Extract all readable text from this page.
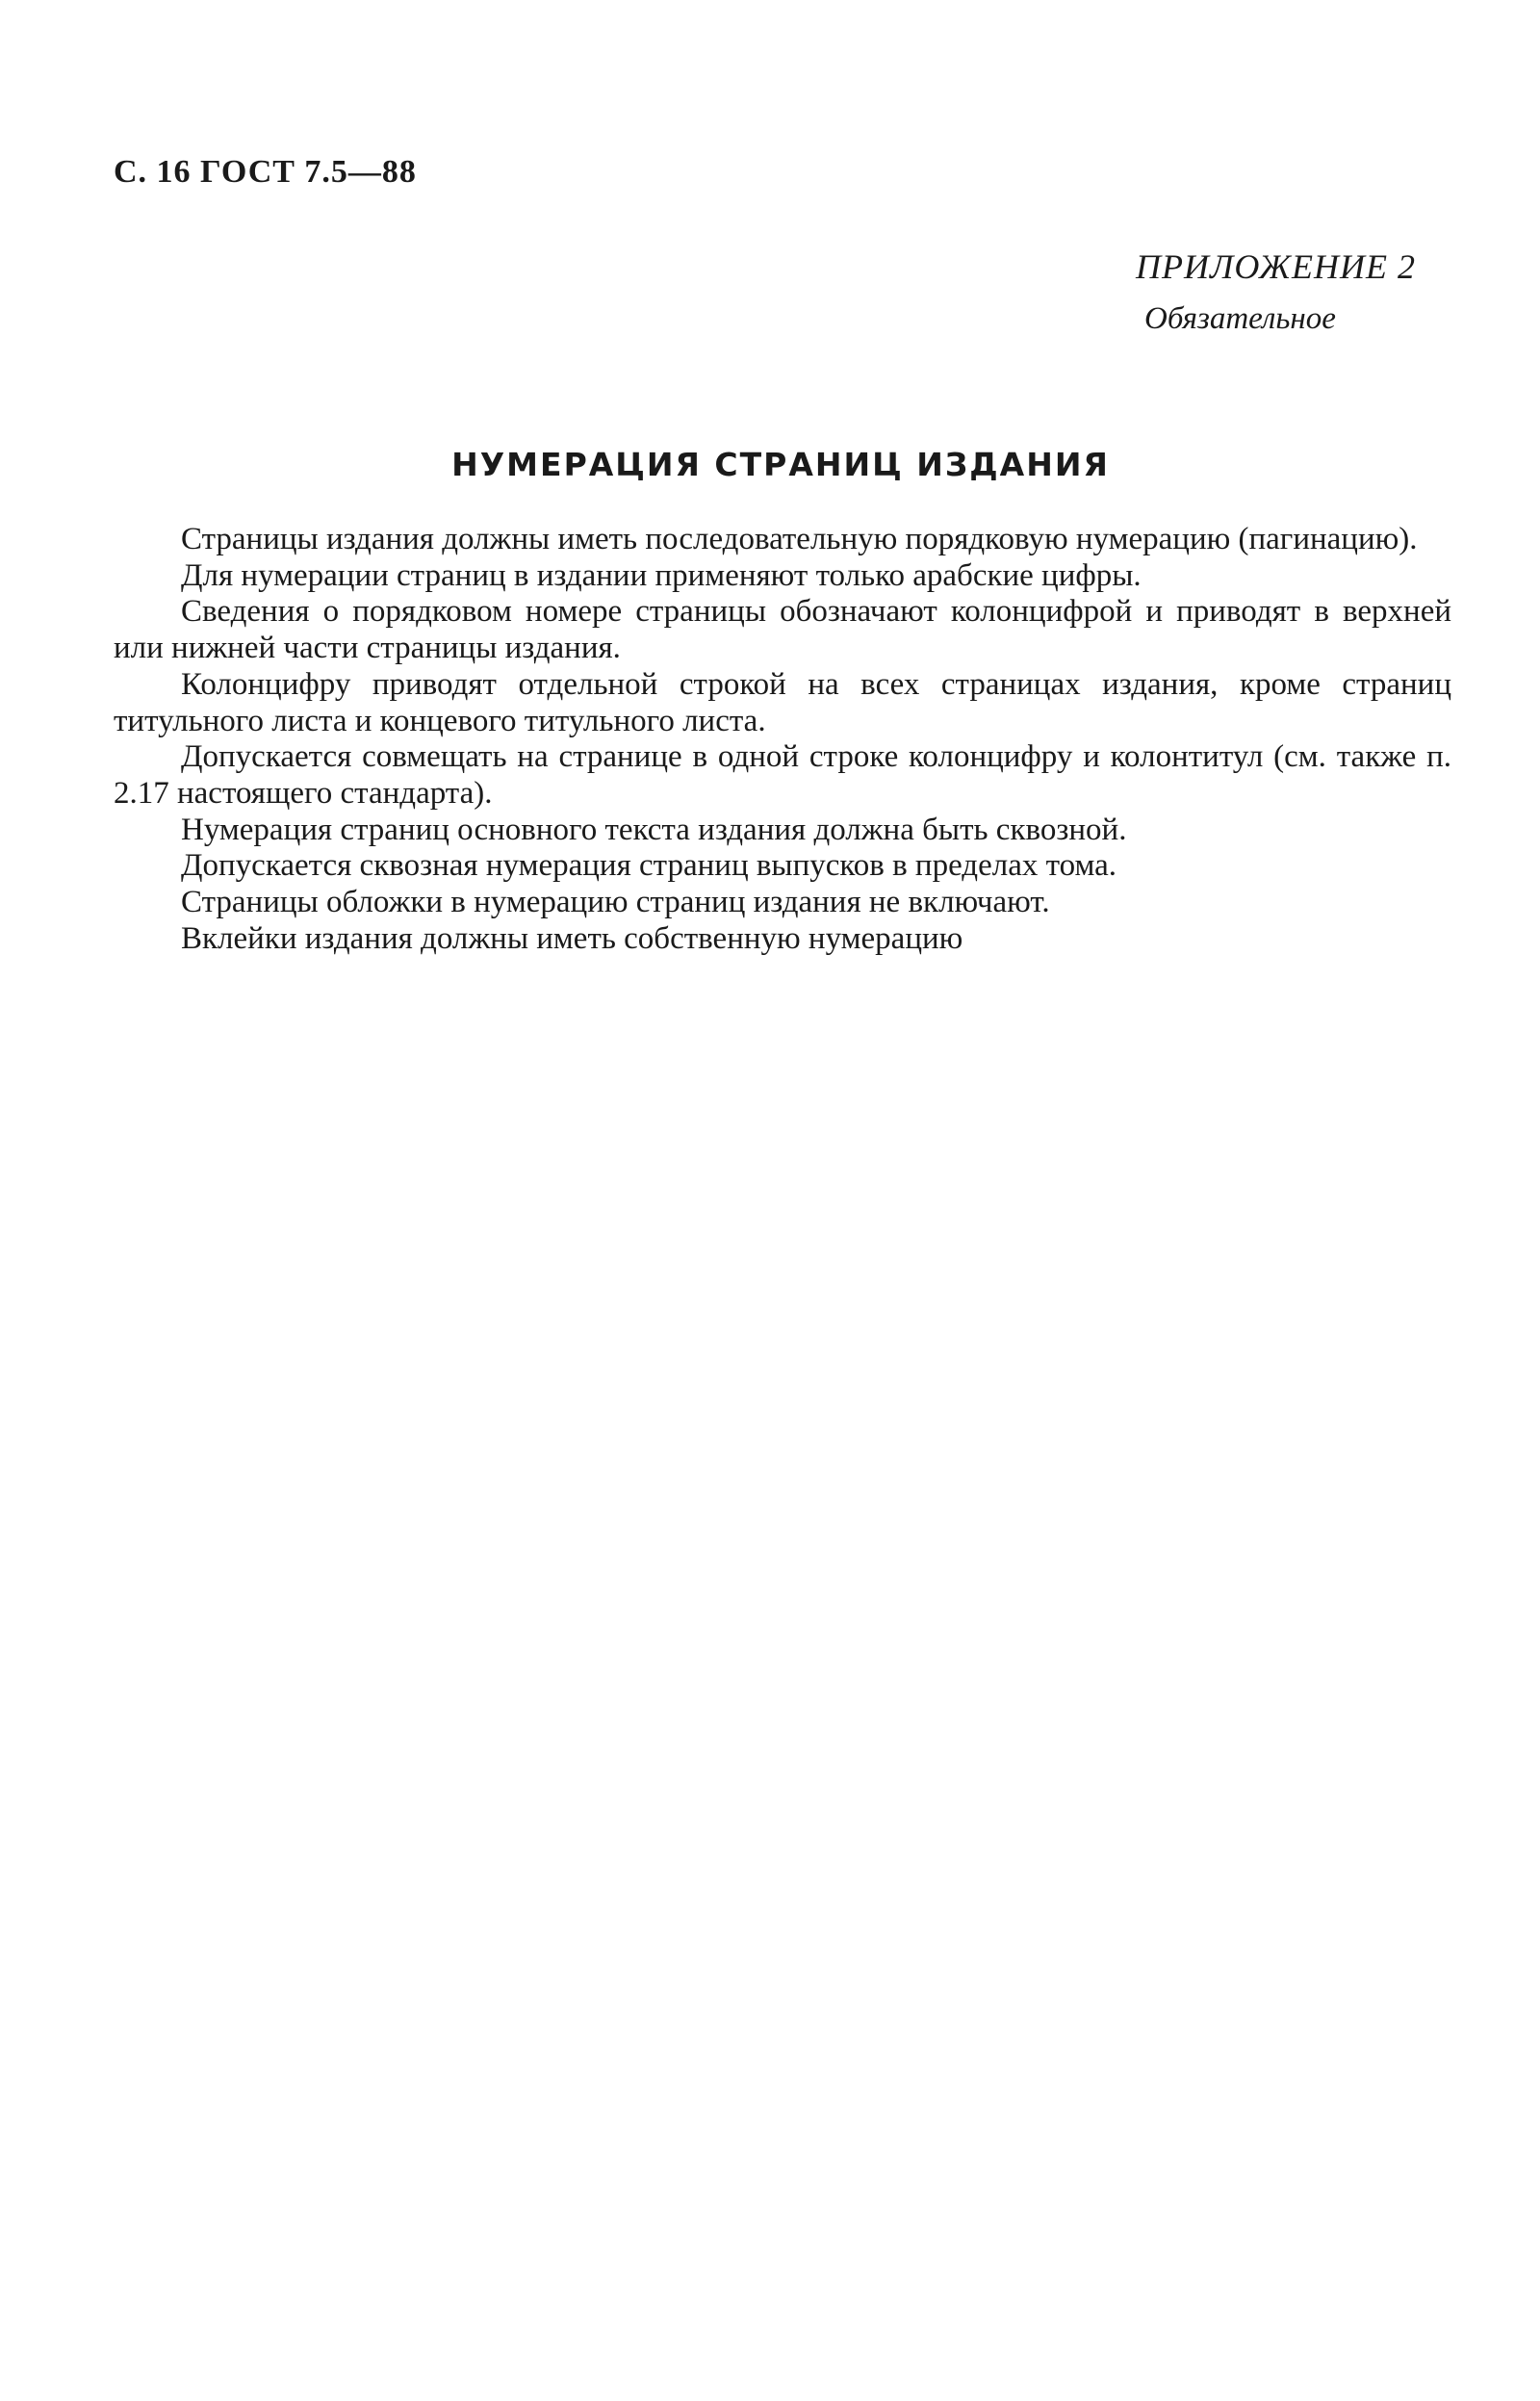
С. 16 ГОСТ 7.5—88
ПРИЛОЖЕНИЕ 2
Обязательное
НУМЕРАЦИЯ СТРАНИЦ ИЗДАНИЯ

Страницы издания должны иметь последовательную порядковую нумерацию (пагинацию).

Для нумерации страниц в издании применяют только арабские цифры.

Сведения о порядковом номере страницы обозначают колонцифрой и приводят в верхней или нижней части страницы издания.

Колонцифру приводят отдельной строкой на всех страницах издания, кроме страниц титульного листа и концевого титульного листа.

Допускается совмещать на странице в одной строке колонцифру и колонтитул (см. также п. 2.17 настоящего стандарта).

Нумерация страниц основного текста издания должна быть сквозной.

Допускается сквозная нумерация страниц выпусков в пределах тома.

Страницы обложки в нумерацию страниц издания не включают.

Вклейки издания должны иметь собственную нумерацию
